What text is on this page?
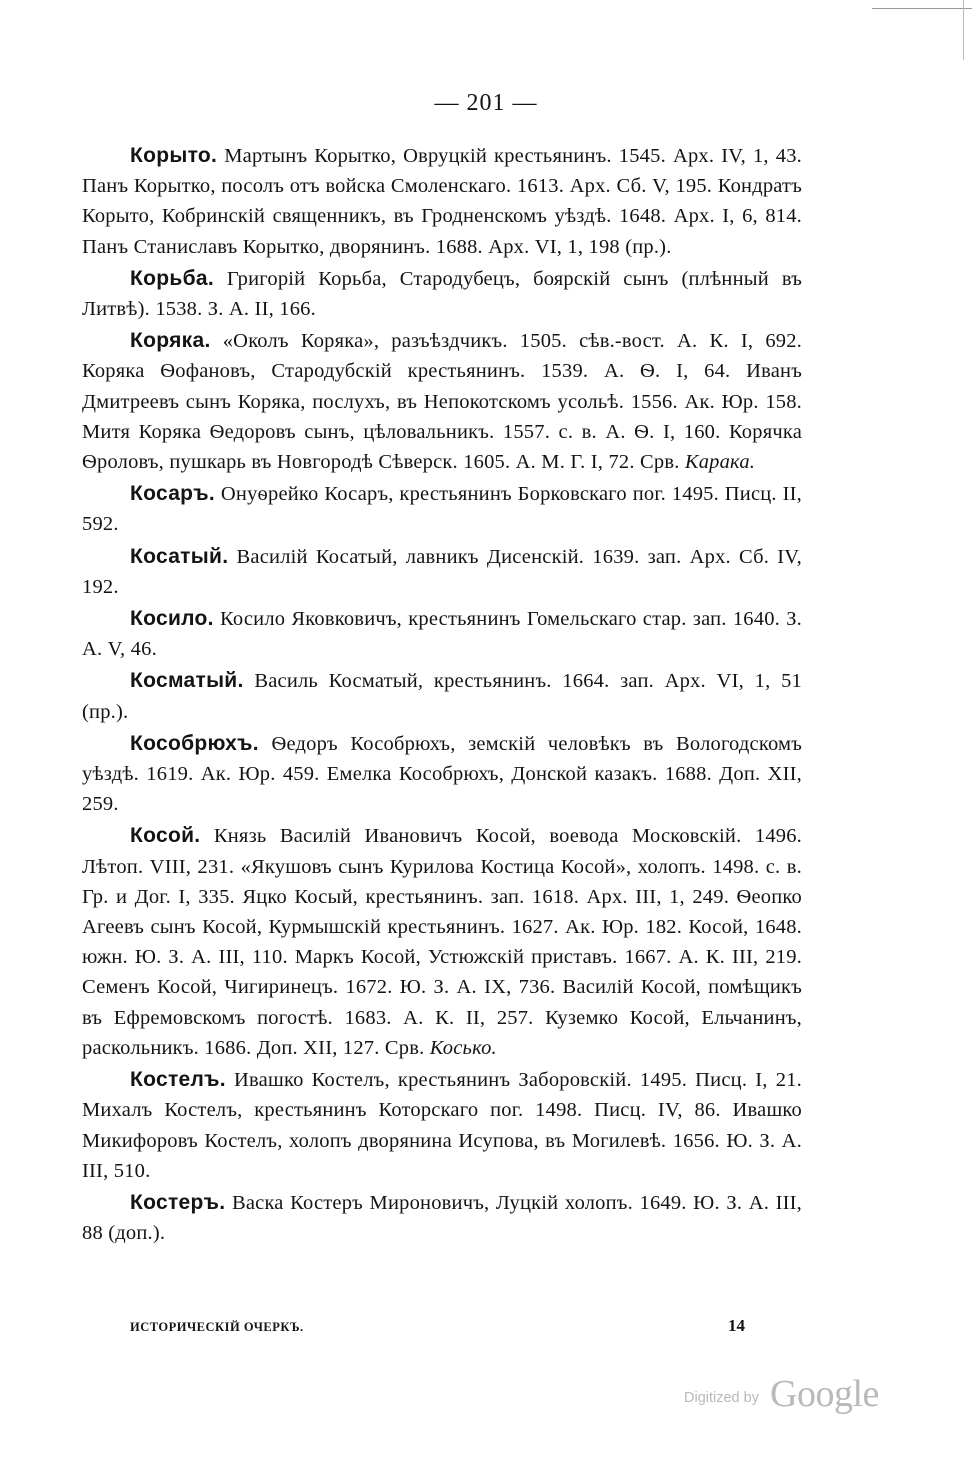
— 201 —

Корыто. Мартынъ Корытко, Овруцкій крестьянинъ. 1545. Арх. IV, 1, 43. Панъ Корытко, посолъ отъ войска Смоленскаго. 1613. Арх. Сб. V, 195. Кондратъ Корыто, Кобринскій священникъ, въ Гродненскомъ уѣздѣ. 1648. Арх. I, 6, 814. Панъ Станиславъ Корытко, дворянинъ. 1688. Арх. VI, 1, 198 (пр.).

Корьба. Григорій Корьба, Стародубецъ, боярскій сынъ (плѣнный въ Литвѣ). 1538. З. А. II, 166.

Коряка. «Околъ Коряка», разъѣздчикъ. 1505. сѣв.-вост. А. К. I, 692. Коряка Ѳофановъ, Стародубскій крестьянинъ. 1539. А. Ѳ. I, 64. Иванъ Дмитреевъ сынъ Коряка, послухъ, въ Непокотскомъ усольѣ. 1556. Ак. Юр. 158. Митя Коряка Ѳедоровъ сынъ, цѣловальникъ. 1557. с. в. А. Ѳ. I, 160. Корячка Ѳроловъ, пушкарь въ Новгородѣ Сѣверск. 1605. А. М. Г. I, 72. Срв. Карака.

Косаръ. Онуѳрейко Косаръ, крестьянинъ Борковскаго пог. 1495. Писц. II, 592.

Косатый. Василій Косатый, лавникъ Дисенскій. 1639. зап. Арх. Сб. IV, 192.

Косило. Косило Яковковичъ, крестьянинъ Гомельскаго стар. зап. 1640. З. А. V, 46.

Косматый. Василь Косматый, крестьянинъ. 1664. зап. Арх. VI, 1, 51 (пр.).

Кособрюхъ. Ѳедоръ Кособрюхъ, земскій человѣкъ въ Вологодскомъ уѣздѣ. 1619. Ак. Юр. 459. Емелка Кособрюхъ, Донской казакъ. 1688. Доп. XII, 259.

Косой. Князь Василій Ивановичъ Косой, воевода Московскій. 1496. Лѣтоп. VIII, 231. «Якушовъ сынъ Курилова Костица Косой», холопъ. 1498. с. в. Гр. и Дог. I, 335. Яцко Косый, крестьянинъ. зап. 1618. Арх. III, 1, 249. Ѳеопко Агеевъ сынъ Косой, Курмышскій крестьянинъ. 1627. Ак. Юр. 182. Косой, 1648. южн. Ю. З. А. III, 110. Маркъ Косой, Устюжскій приставъ. 1667. А. К. III, 219. Семенъ Косой, Чигиринецъ. 1672. Ю. З. А. IX, 736. Василій Косой, помѣщикъ въ Ефремовскомъ погостѣ. 1683. А. К. II, 257. Куземко Косой, Ельчанинъ, раскольникъ. 1686. Доп. XII, 127. Срв. Косько.

Костелъ. Ивашко Костелъ, крестьянинъ Заборовскій. 1495. Писц. I, 21. Михалъ Костелъ, крестьянинъ Которскаго пог. 1498. Писц. IV, 86. Ивашко Микифоровъ Костелъ, холопъ дворянина Исупова, въ Могилевѣ. 1656. Ю. З. А. III, 510.

Костеръ. Васка Костеръ Мироновичъ, Луцкій холопъ. 1649. Ю. З. А. III, 88 (доп.).

ИСТОРИЧЕСКІЙ ОЧЕРКЪ.	14
Digitized by Google
